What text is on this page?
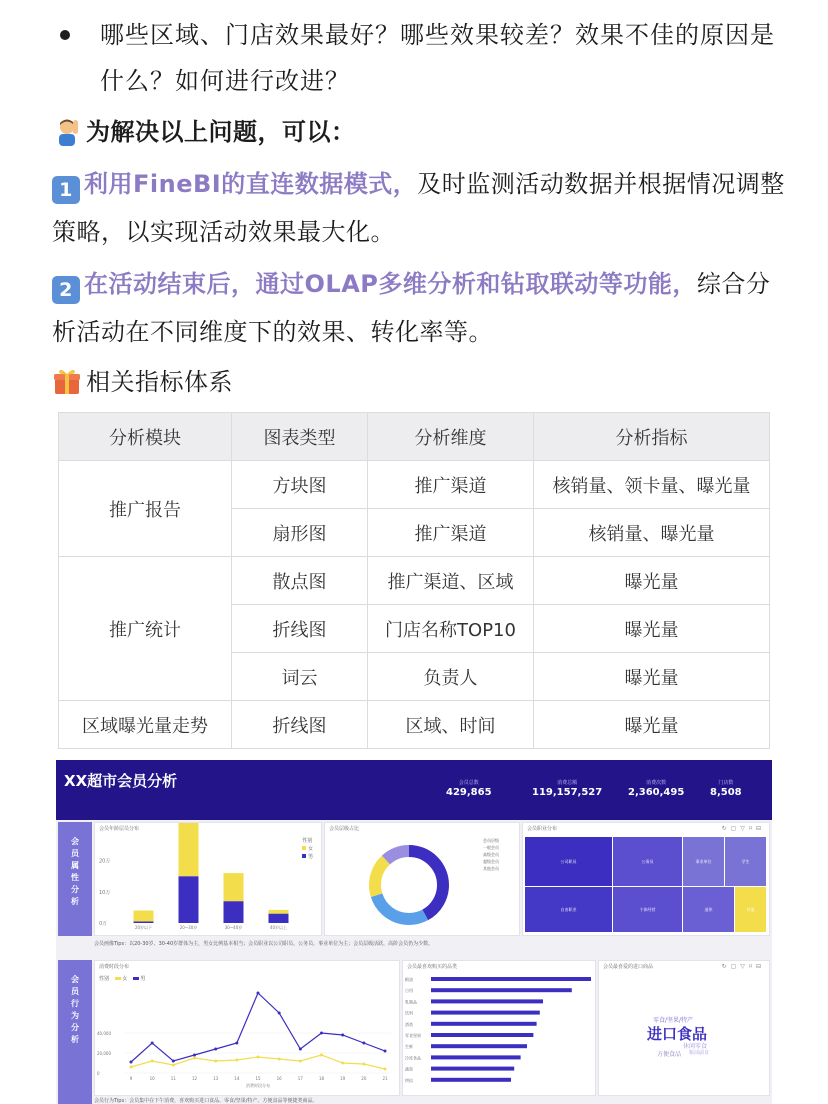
哪些区域、门店效果最好？哪些效果较差？效果不佳的原因是什么？如何进行改进？
为解决以上问题，可以：
1 利用FineBI的直连数据模式，及时监测活动数据并根据情况调整策略，以实现活动效果最大化。
2 在活动结束后，通过OLAP多维分析和钻取联动等功能，综合分析活动在不同维度下的效果、转化率等。
相关指标体系
分析模块	图表类型	分析维度	分析指标
推广报告	方块图	推广渠道	核销量、领卡量、曝光量
	扇形图	推广渠道	核销量、曝光量
推广统计	散点图	推广渠道、区域	曝光量
	折线图	门店名称TOP10	曝光量
	词云	负责人	曝光量
区域曝光量走势	折线图	区域、时间	曝光量
XX超市会员分析	会员总数
429,865
消费总额
119,157,527
消费次数
2,360,495
门店数
8,508
会
员
属
性
分
析
会员年龄层员分布
性别
女
男
0万
10万
20万
20岁以下	20~30岁	30~40岁	40岁以上
会员层级占比
会员层级
一般会员
高级会员
超级会员
其他会员
会员职业分布	↻▢▽⌑⊟
公司职员	公务员	事业单位	学生
自由职业	个体经营	退休	其他
会员画像Tips：以20-30岁、30-40岁群体为主，男女比例基本相当；会员职业以公司职员、公务员、事业单位为主；会员层级活跃，高阶会员仍为少数。
会
员
行
为
分
析
消费时段分布
性别	女	男
0
20,000
40,000
9	10	11	12	13	14	15	16	17	18	19	20	21
消费时段分布
会员最喜欢购买的品类
粮油
日用
乳制品
饮料
酒类
零食坚果
生鲜
冷冻食品
蔬果
烘焙
会员最喜爱的进口商品	↻▢▽⌑⊟
零食/坚果/特产
进口食品
休闲零食
方便食品 粮油副食
会员行为Tips：会员集中在下午消费，喜欢购买进口食品、零食/坚果/特产、方便食品等便捷类商品。
